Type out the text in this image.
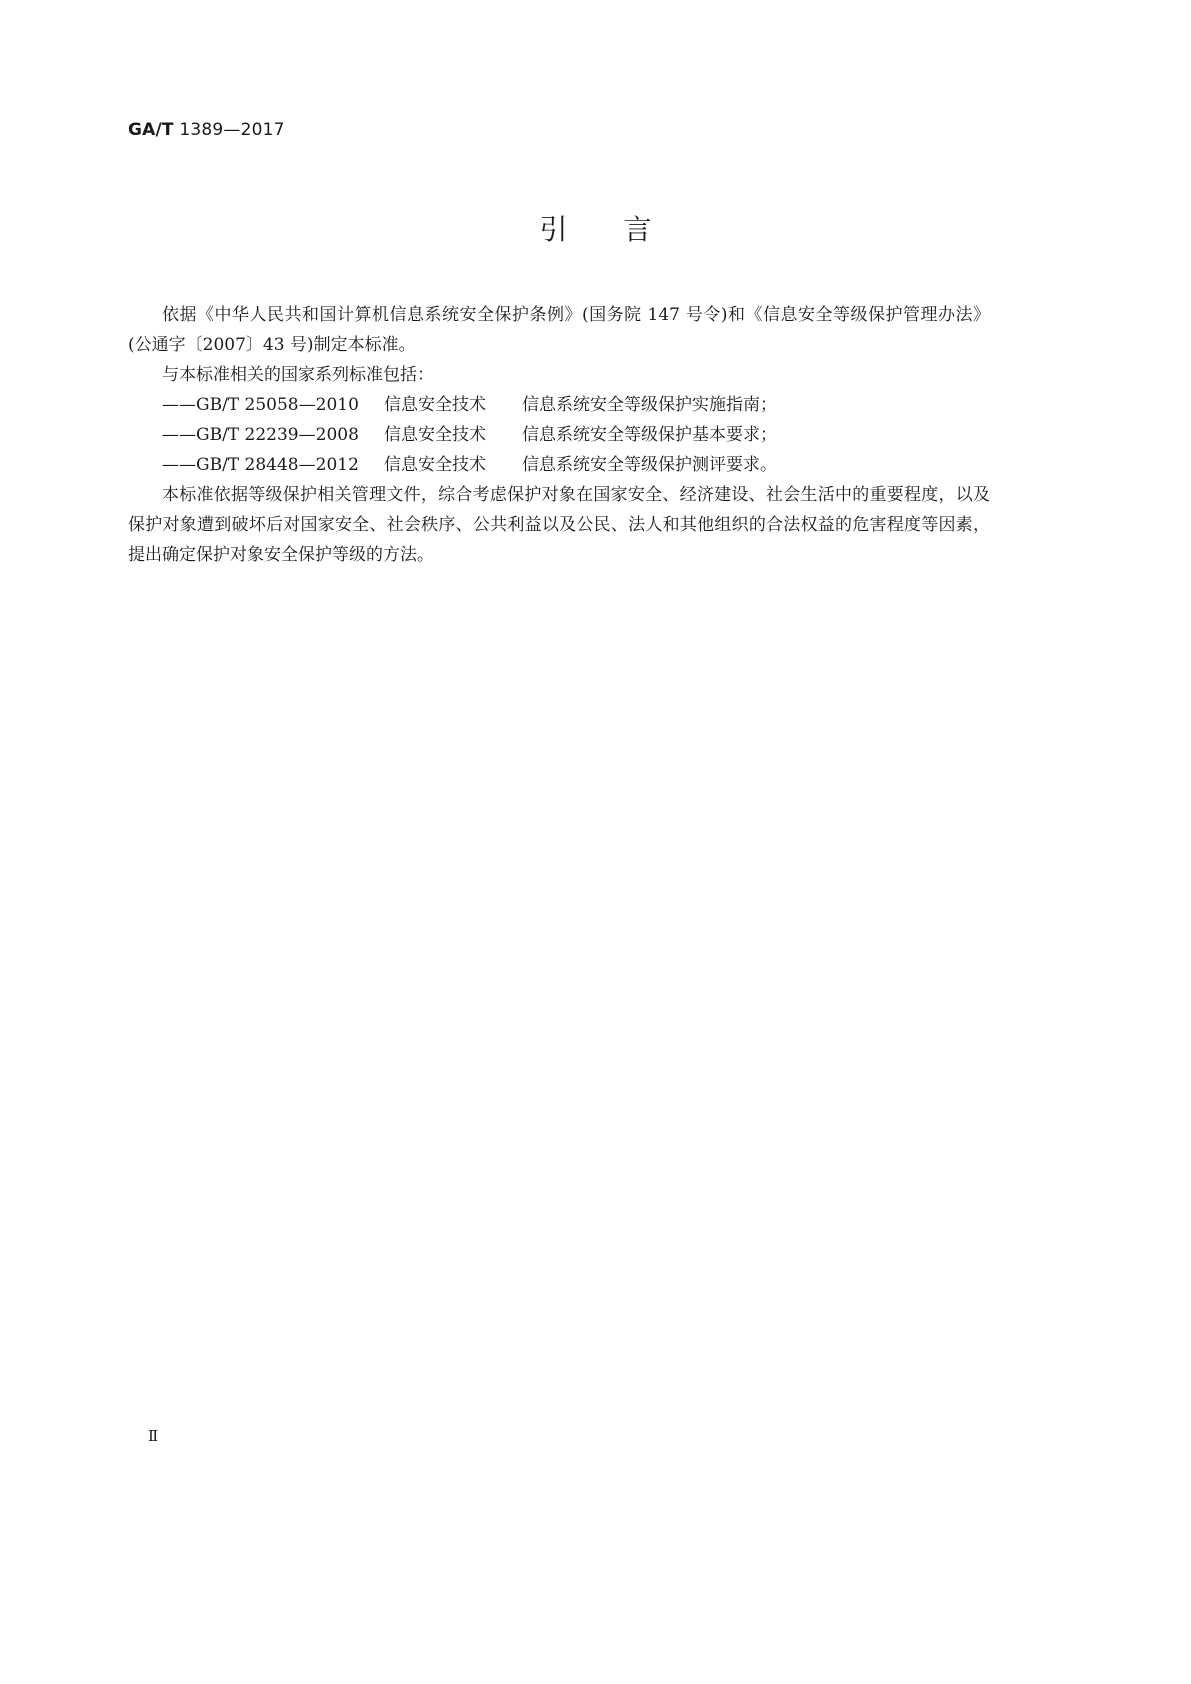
GA/T 1389—2017
引言

依据《中华人民共和国计算机信息系统安全保护条例》(国务院 147 号令)和《信息安全等级保护管理办法》(公通字〔2007〕43 号)制定本标准。

与本标准相关的国家系列标准包括：

——GB/T 25058—2010 信息安全技术 信息系统安全等级保护实施指南；
——GB/T 22239—2008 信息安全技术 信息系统安全等级保护基本要求；
——GB/T 28448—2012 信息安全技术 信息系统安全等级保护测评要求。

本标准依据等级保护相关管理文件，综合考虑保护对象在国家安全、经济建设、社会生活中的重要程度，以及保护对象遭到破坏后对国家安全、社会秩序、公共利益以及公民、法人和其他组织的合法权益的危害程度等因素，提出确定保护对象安全保护等级的方法。

Ⅱ
